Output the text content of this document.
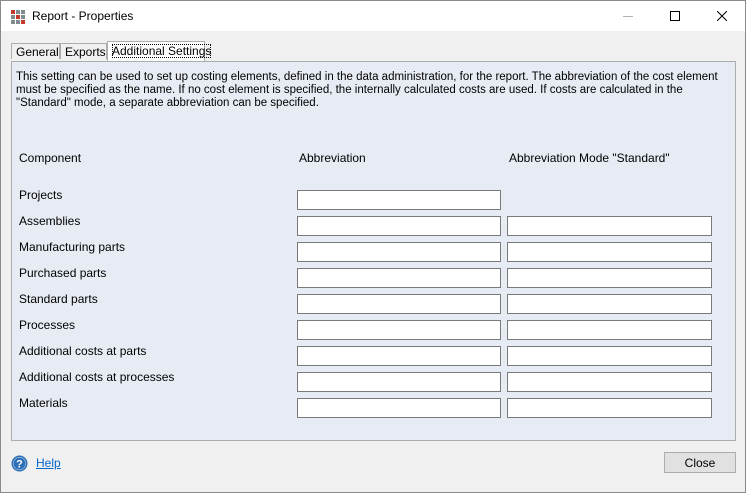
Report - Properties
General Exports Additional Settings
This setting can be used to set up costing elements, defined in the data administration, for the report. The abbreviation of the cost element must be specified as the name. If no cost element is specified, the internally calculated costs are used. If costs are calculated in the "Standard" mode, a separate abbreviation can be specified.
Component	Abbreviation	Abbreviation Mode "Standard"
Projects
Assemblies
Manufacturing parts
Purchased parts
Standard parts
Processes
Additional costs at parts
Additional costs at processes
Materials
? Help	Close
